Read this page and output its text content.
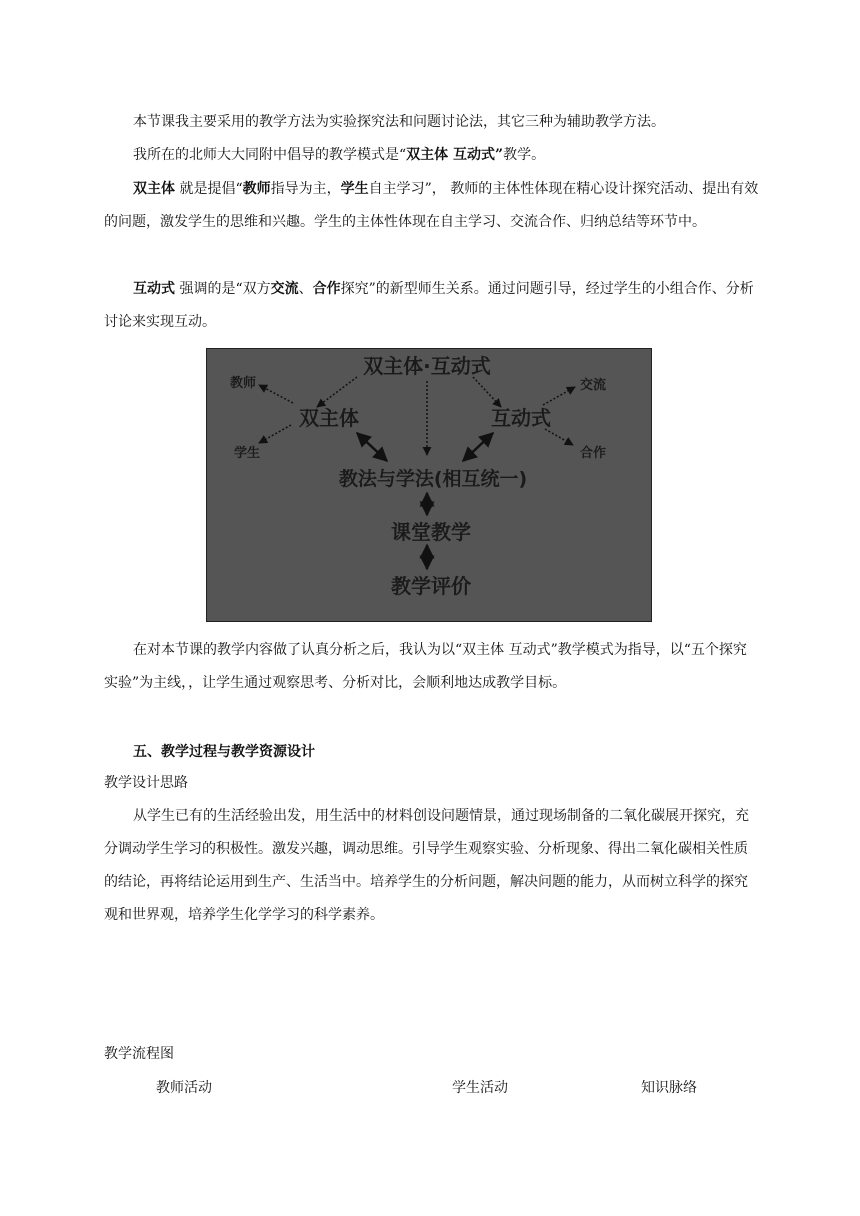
本节课我主要采用的教学方法为实验探究法和问题讨论法，其它三种为辅助教学方法。

我所在的北师大大同附中倡导的教学模式是“双主体 互动式”教学。

双主体 就是提倡“教师指导为主，学生自主学习”， 教师的主体性体现在精心设计探究活动、提出有效的问题，激发学生的思维和兴趣。学生的主体性体现在自主学习、交流合作、归纳总结等环节中。

互动式 强调的是“双方交流、合作探究”的新型师生关系。通过问题引导，经过学生的小组合作、分析讨论来实现互动。

双主体·互动式
双主体	互动式
教师
学生
交流
合作
教法与学法(相互统一)
课堂教学
教学评价

在对本节课的教学内容做了认真分析之后，我认为以“双主体 互动式”教学模式为指导，以“五个探究实验”为主线，，让学生通过观察思考、分析对比，会顺利地达成教学目标。

五、教学过程与教学资源设计
教学设计思路

从学生已有的生活经验出发，用生活中的材料创设问题情景，通过现场制备的二氧化碳展开探究，充分调动学生学习的积极性。激发兴趣，调动思维。引导学生观察实验、分析现象、得出二氧化碳相关性质的结论，再将结论运用到生产、生活当中。培养学生的分析问题，解决问题的能力，从而树立科学的探究观和世界观，培养学生化学学习的科学素养。

教学流程图
教师活动	学生活动	知识脉络
